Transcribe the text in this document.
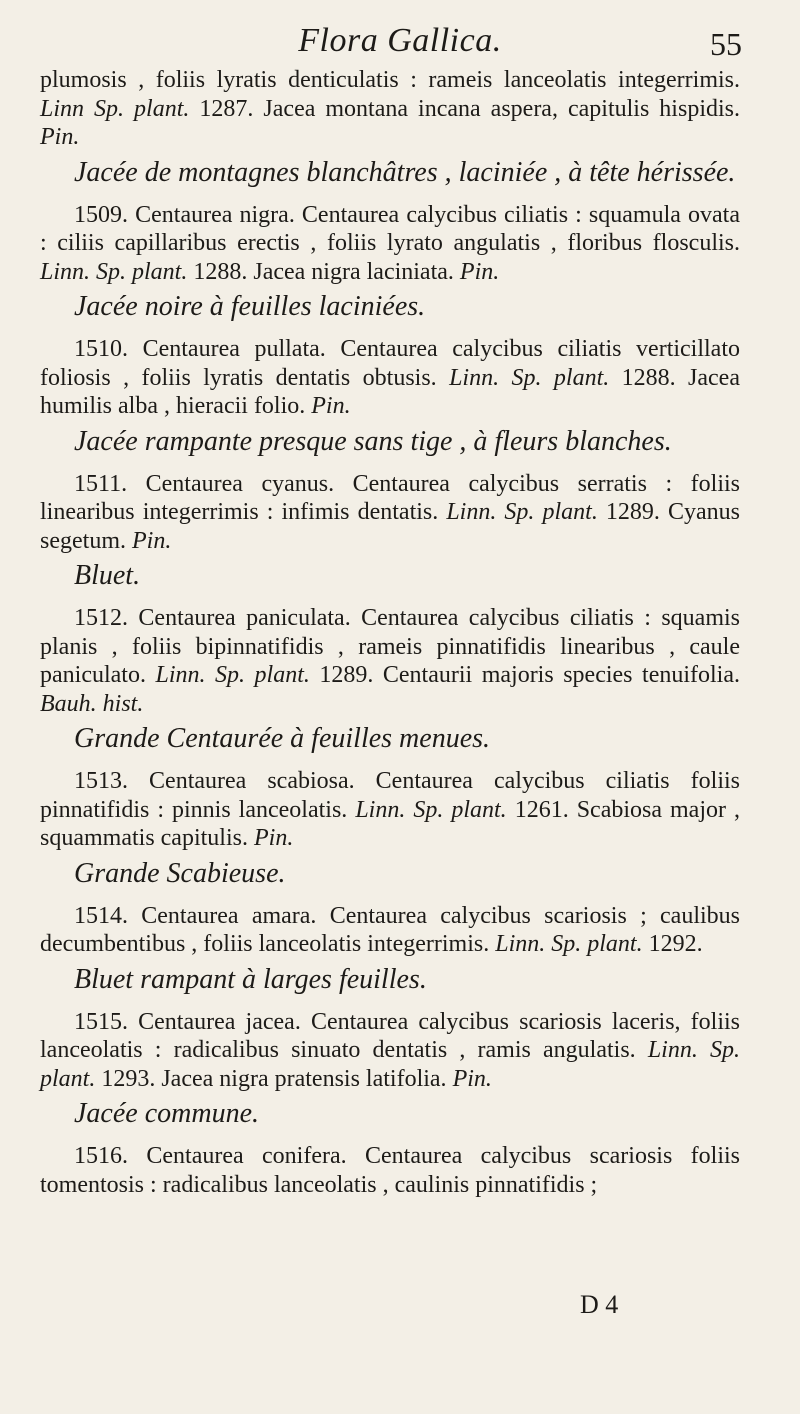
Flora Gallica.	55
plumosis , foliis lyratis denticulatis : rameis lanceolatis integerrimis. Linn Sp. plant. 1287. Jacea montana incana aspera, capitulis hispidis. Pin.
Jacée de montagnes blanchâtres , laciniée , à tête hérissée.
1509. Centaurea nigra. Centaurea calycibus ciliatis : squamula ovata : ciliis capillaribus erectis , foliis lyrato angulatis , floribus flosculis. Linn. Sp. plant. 1288. Jacea nigra laciniata. Pin.
Jacée noire à feuilles laciniées.
1510. Centaurea pullata. Centaurea calycibus ciliatis verticillato foliosis , foliis lyratis dentatis obtusis. Linn. Sp. plant. 1288. Jacea humilis alba , hieracii folio. Pin.
Jacée rampante presque sans tige , à fleurs blanches.
1511. Centaurea cyanus. Centaurea calycibus serratis : foliis linearibus integerrimis : infimis dentatis. Linn. Sp. plant. 1289. Cyanus segetum. Pin.
Bluet.
1512. Centaurea paniculata. Centaurea calycibus ciliatis : squamis planis , foliis bipinnatifidis , rameis pinnatifidis linearibus , caule paniculato. Linn. Sp. plant. 1289. Centaurii majoris species tenuifolia. Bauh. hist.
Grande Centaurée à feuilles menues.
1513. Centaurea scabiosa. Centaurea calycibus ciliatis foliis pinnatifidis : pinnis lanceolatis. Linn. Sp. plant. 1261. Scabiosa major , squammatis capitulis. Pin.
Grande Scabieuse.
1514. Centaurea amara. Centaurea calycibus scariosis ; caulibus decumbentibus , foliis lanceolatis integerrimis. Linn. Sp. plant. 1292.
Bluet rampant à larges feuilles.
1515. Centaurea jacea. Centaurea calycibus scariosis laceris, foliis lanceolatis : radicalibus sinuato dentatis , ramis angulatis. Linn. Sp. plant. 1293. Jacea nigra pratensis latifolia. Pin.
Jacée commune.
1516. Centaurea conifera. Centaurea calycibus scariosis foliis tomentosis : radicalibus lanceolatis , caulinis pinnatifidis ;
D 4
